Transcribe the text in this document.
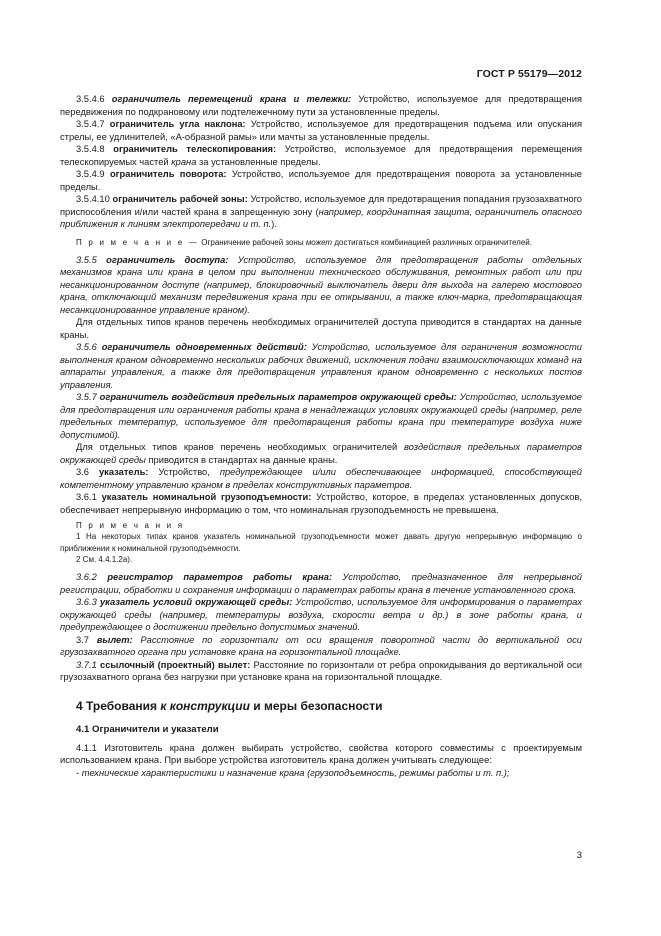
ГОСТ Р 55179—2012

3.5.4.6 ограничитель перемещений крана и тележки: Устройство, используемое для предотвращения передвижения по подкрановому или подтележечному пути за установленные пределы.

3.5.4.7 ограничитель угла наклона: Устройство, используемое для предотвращения подъема или опускания стрелы, ее удлинителей, «А-образной рамы» или мачты за установленные пределы.

3.5.4.8 ограничитель телескопирования: Устройство, используемое для предотвращения перемещения телескопируемых частей крана за установленные пределы.

3.5.4.9 ограничитель поворота: Устройство, используемое для предотвращения поворота за установленные пределы.

3.5.4.10 ограничитель рабочей зоны: Устройство, используемое для предотвращения попадания грузозахватного приспособления и/или частей крана в запрещенную зону (например, координатная защита, ограничитель опасного приближения к линиям электропередачи и т. п.).

П р и м е ч а н и е — Ограничение рабочей зоны может достигаться комбинацией различных ограничителей.

3.5.5 ограничитель доступа: Устройство, используемое для предотвращения работы отдельных механизмов крана или крана в целом при выполнении технического обслуживания, ремонтных работ или при несанкционированном доступе (например, блокировочный выключатель двери для выхода на галерею мостового крана, отключающий механизм передвижения крана при ее открывании, а также ключ-марка, предотвращающая несанкционированное управление краном).

Для отдельных типов кранов перечень необходимых ограничителей доступа приводится в стандартах на данные краны.

3.5.6 ограничитель одновременных действий: Устройство, используемое для ограничения возможности выполнения краном одновременно нескольких рабочих движений, исключения подачи взаимоисключающих команд на аппараты управления, а также для предотвращения управления краном одновременно с нескольких постов управления.

3.5.7 ограничитель воздействия предельных параметров окружающей среды: Устройство, используемое для предотвращения или ограничения работы крана в ненадлежащих условиях окружающей среды (например, реле предельных температур, используемое для предотвращения работы крана при температуре воздуха ниже допустимой).

Для отдельных типов кранов перечень необходимых ограничителей воздействия предельных параметров окружающей среды приводится в стандартах на данные краны.

3.6 указатель: Устройство, предупреждающее и/или обеспечивающее информацией, способствующей компетентному управлению краном в пределах конструктивных параметров.

3.6.1 указатель номинальной грузоподъемности: Устройство, которое, в пределах установленных допусков, обеспечивает непрерывную информацию о том, что номинальная грузоподъемность не превышена.

П р и м е ч а н и я

1 На некоторых типах кранов указатель номинальной грузоподъемности может давать другую непрерывную информацию о приближении к номинальной грузоподъемности.

2 См. 4.4.1.2а).

3.6.2 регистратор параметров работы крана: Устройство, предназначенное для непрерывной регистрации, обработки и сохранения информации о параметрах работы крана в течение установленного срока.

3.6.3 указатель условий окружающей среды: Устройство, используемое для информирования о параметрах окружающей среды (например, температуры воздуха, скорости ветра и др.) в зоне работы крана, и предупреждающее о достижении предельно допустимых значений.

3.7 вылет: Расстояние по горизонтали от оси вращения поворотной части до вертикальной оси грузозахватного органа при установке крана на горизонтальной площадке.

3.7.1 ссылочный (проектный) вылет: Расстояние по горизонтали от ребра опрокидывания до вертикальной оси грузозахватного органа без нагрузки при установке крана на горизонтальной площадке.

4 Требования к конструкции и меры безопасности

4.1 Ограничители и указатели

4.1.1 Изготовитель крана должен выбирать устройство, свойства которого совместимы с проектируемым использованием крана. При выборе устройства изготовитель крана должен учитывать следующее:

- технические характеристики и назначение крана (грузоподъемность, режимы работы и т. п.);

3
